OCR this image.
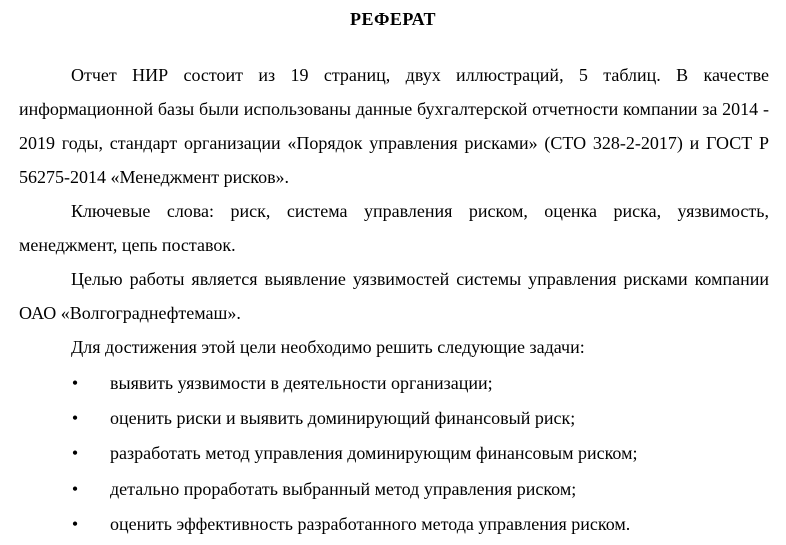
РЕФЕРАТ

Отчет НИР состоит из 19 страниц, двух иллюстраций, 5 таблиц. В качестве информационной базы были использованы данные бухгалтерской отчетности компании за 2014 - 2019 годы, стандарт организации «Порядок управления рисками» (СТО 328-2-2017) и ГОСТ Р 56275-2014 «Менеджмент рисков».

Ключевые слова: риск, система управления риском, оценка риска, уязвимость, менеджмент, цепь поставок.

Целью работы является выявление уязвимостей системы управления рисками компании ОАО «Волгограднефтемаш».

Для достижения этой цели необходимо решить следующие задачи:

• выявить уязвимости в деятельности организации;
• оценить риски и выявить доминирующий финансовый риск;
• разработать метод управления доминирующим финансовым риском;
• детально проработать выбранный метод управления риском;
• оценить эффективность разработанного метода управления риском.
